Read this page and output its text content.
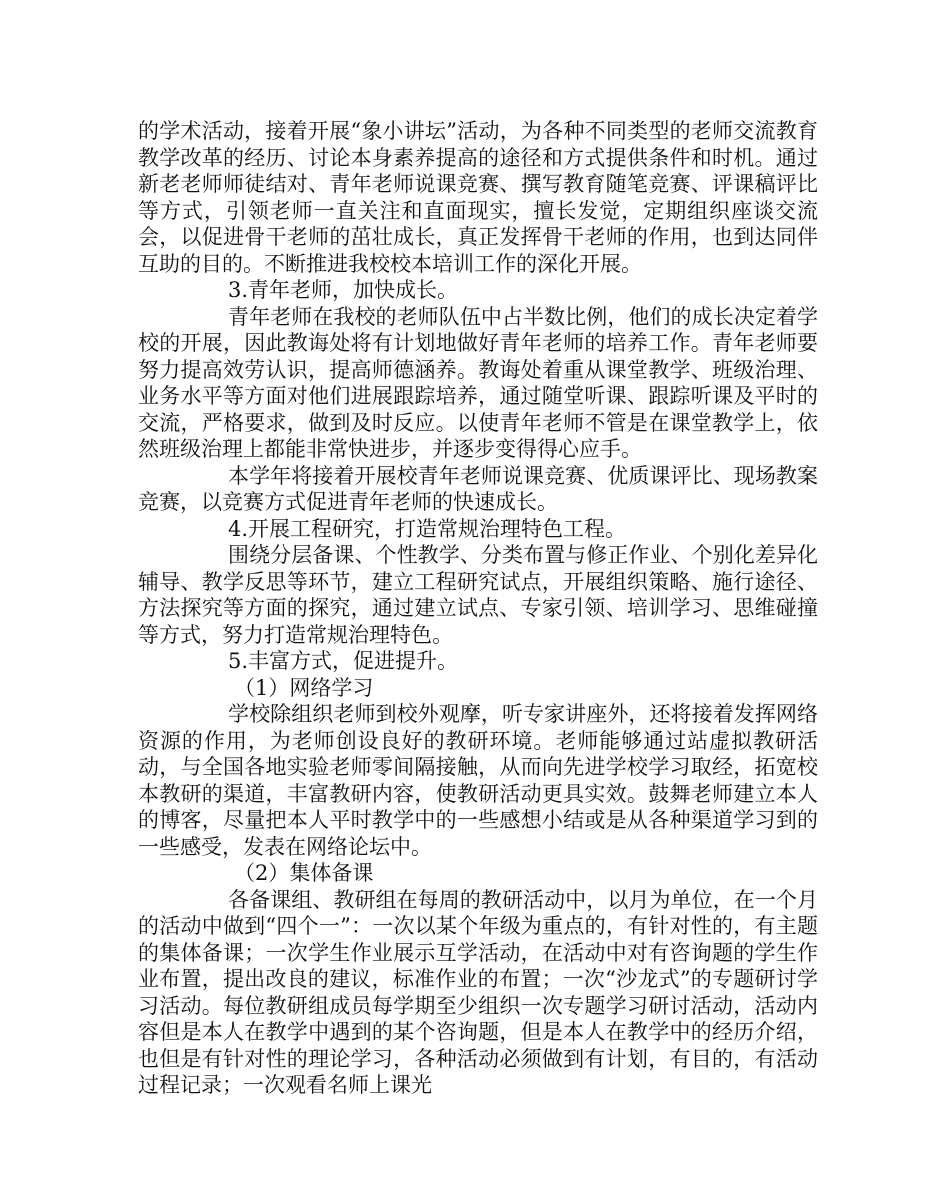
的学术活动，接着开展“象小讲坛”活动，为各种不同类型的老师交流教育教学改革的经历、讨论本身素养提高的途径和方式提供条件和时机。通过新老老师师徒结对、青年老师说课竞赛、撰写教育随笔竞赛、评课稿评比等方式，引领老师一直关注和直面现实，擅长发觉，定期组织座谈交流会，以促进骨干老师的茁壮成长，真正发挥骨干老师的作用，也到达同伴互助的目的。不断推进我校校本培训工作的深化开展。

3.青年老师，加快成长。

青年老师在我校的老师队伍中占半数比例，他们的成长决定着学校的开展，因此教诲处将有计划地做好青年老师的培养工作。青年老师要努力提高效劳认识，提高师德涵养。教诲处着重从课堂教学、班级治理、业务水平等方面对他们进展跟踪培养，通过随堂听课、跟踪听课及平时的交流，严格要求，做到及时反应。以使青年老师不管是在课堂教学上，依然班级治理上都能非常快进步，并逐步变得得心应手。

本学年将接着开展校青年老师说课竞赛、优质课评比、现场教案竞赛，以竞赛方式促进青年老师的快速成长。

4.开展工程研究，打造常规治理特色工程。

围绕分层备课、个性教学、分类布置与修正作业、个别化差异化辅导、教学反思等环节，建立工程研究试点，开展组织策略、施行途径、方法探究等方面的探究，通过建立试点、专家引领、培训学习、思维碰撞等方式，努力打造常规治理特色。

5.丰富方式，促进提升。

（1）网络学习

学校除组织老师到校外观摩，听专家讲座外，还将接着发挥网络资源的作用，为老师创设良好的教研环境。老师能够通过站虚拟教研活动，与全国各地实验老师零间隔接触，从而向先进学校学习取经，拓宽校本教研的渠道，丰富教研内容，使教研活动更具实效。鼓舞老师建立本人的博客，尽量把本人平时教学中的一些感想小结或是从各种渠道学习到的一些感受，发表在网络论坛中。

（2）集体备课

各备课组、教研组在每周的教研活动中，以月为单位，在一个月的活动中做到“四个一”：一次以某个年级为重点的，有针对性的，有主题的集体备课；一次学生作业展示互学活动，在活动中对有咨询题的学生作业布置，提出改良的建议，标准作业的布置；一次“沙龙式”的专题研讨学习活动。每位教研组成员每学期至少组织一次专题学习研讨活动，活动内容但是本人在教学中遇到的某个咨询题，但是本人在教学中的经历介绍，也但是有针对性的理论学习，各种活动必须做到有计划，有目的，有活动过程记录；一次观看名师上课光
